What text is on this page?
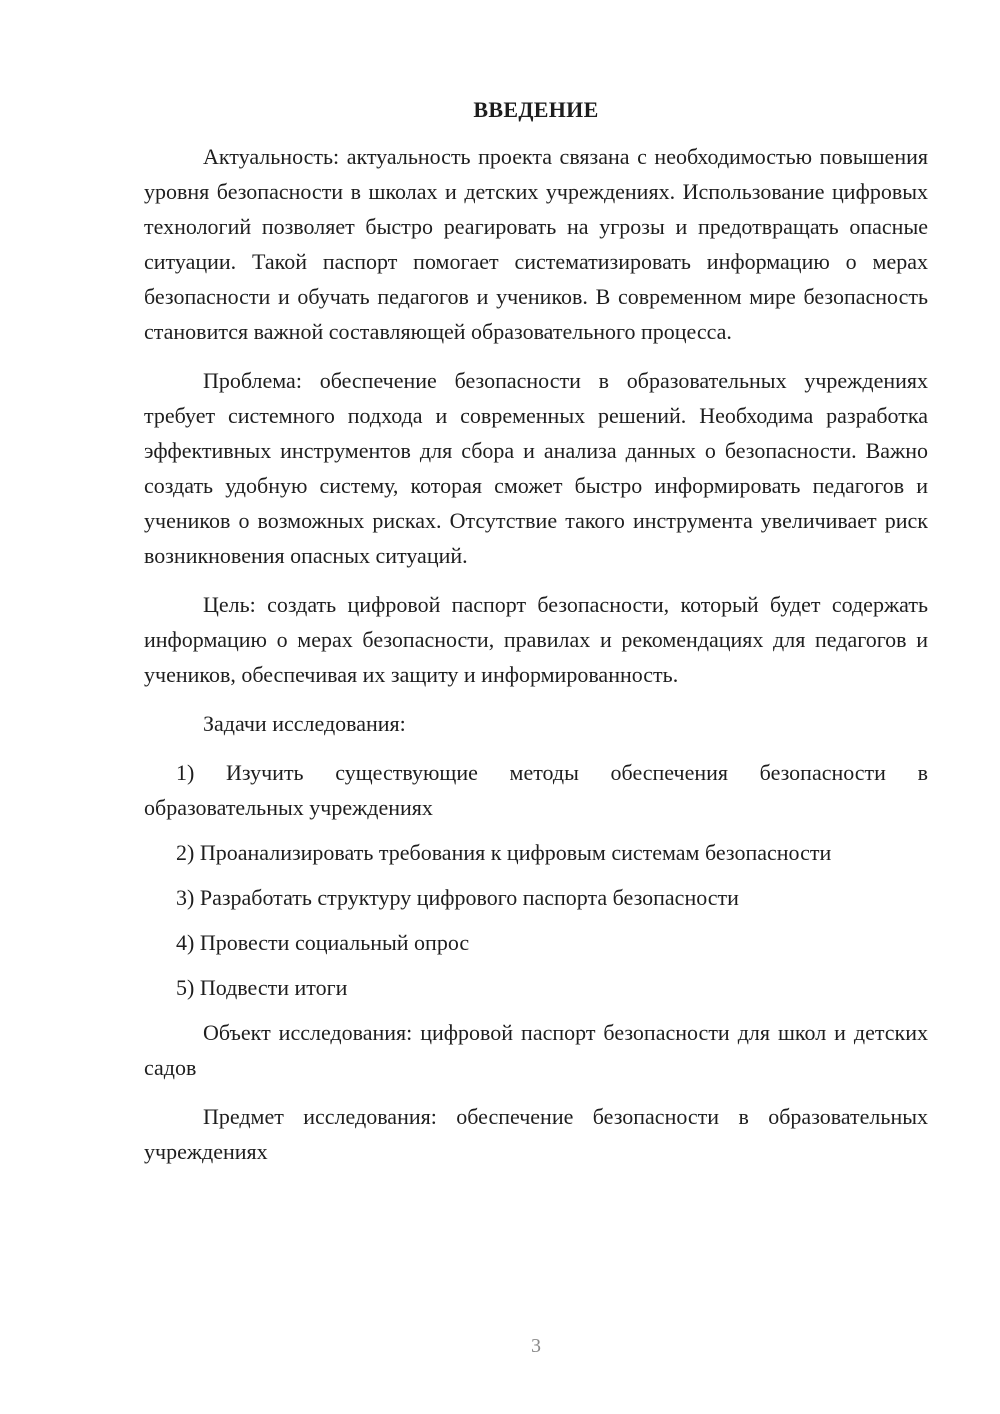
ВВЕДЕНИЕ

Актуальность: актуальность проекта связана с необходимостью повышения уровня безопасности в школах и детских учреждениях. Использование цифровых технологий позволяет быстро реагировать на угрозы и предотвращать опасные ситуации. Такой паспорт помогает систематизировать информацию о мерах безопасности и обучать педагогов и учеников. В современном мире безопасность становится важной составляющей образовательного процесса.

Проблема: обеспечение безопасности в образовательных учреждениях требует системного подхода и современных решений. Необходима разработка эффективных инструментов для сбора и анализа данных о безопасности. Важно создать удобную систему, которая сможет быстро информировать педагогов и учеников о возможных рисках. Отсутствие такого инструмента увеличивает риск возникновения опасных ситуаций.

Цель: создать цифровой паспорт безопасности, который будет содержать информацию о мерах безопасности, правилах и рекомендациях для педагогов и учеников, обеспечивая их защиту и информированность.

Задачи исследования:

1) Изучить существующие методы обеспечения безопасности в образовательных учреждениях

2) Проанализировать требования к цифровым системам безопасности

3) Разработать структуру цифрового паспорта безопасности

4) Провести социальный опрос

5) Подвести итоги

Объект исследования: цифровой паспорт безопасности для школ и детских садов

Предмет исследования: обеспечение безопасности в образовательных учреждениях

3
